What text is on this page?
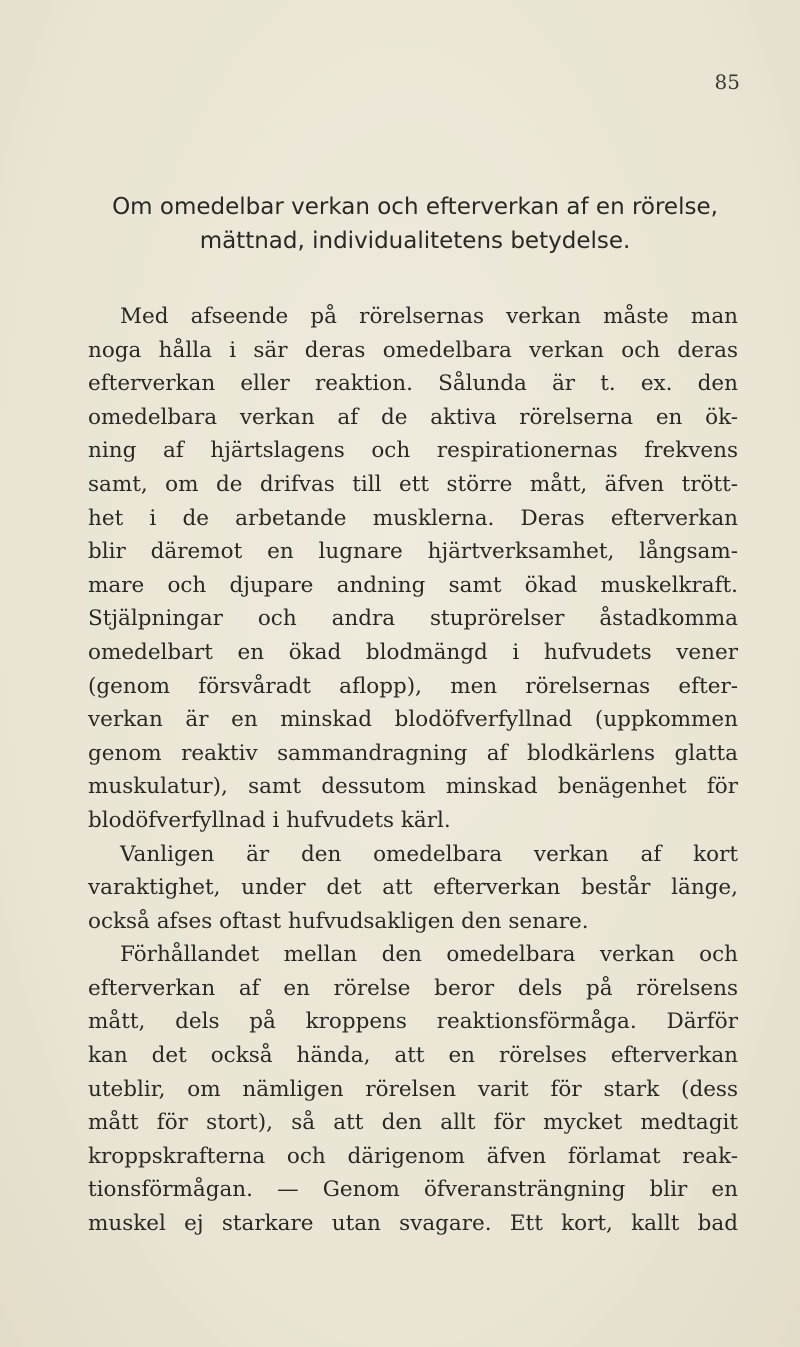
85
Om omedelbar verkan och efterverkan af en rörelse,
mättnad, individualitetens betydelse.
Med afseende på rörelsernas verkan måste man
noga hålla i sär deras omedelbara verkan och deras
efterverkan eller reaktion. Sålunda är t. ex. den
omedelbara verkan af de aktiva rörelserna en ök-
ning af hjärtslagens och respirationernas frekvens
samt, om de drifvas till ett större mått, äfven trött-
het i de arbetande musklerna. Deras efterverkan
blir däremot en lugnare hjärtverksamhet, långsam-
mare och djupare andning samt ökad muskelkraft.
Stjälpningar och andra stuprörelser åstadkomma
omedelbart en ökad blodmängd i hufvudets vener
(genom försvåradt aflopp), men rörelsernas efter-
verkan är en minskad blodöfverfyllnad (uppkommen
genom reaktiv sammandragning af blodkärlens glatta
muskulatur), samt dessutom minskad benägenhet för
blodöfverfyllnad i hufvudets kärl.
Vanligen är den omedelbara verkan af kort
varaktighet, under det att efterverkan består länge,
också afses oftast hufvudsakligen den senare.
Förhållandet mellan den omedelbara verkan och
efterverkan af en rörelse beror dels på rörelsens
mått, dels på kroppens reaktionsförmåga. Därför
kan det också hända, att en rörelses efterverkan
uteblir, om nämligen rörelsen varit för stark (dess
mått för stort), så att den allt för mycket medtagit
kroppskrafterna och därigenom äfven förlamat reak-
tionsförmågan. — Genom öfveransträngning blir en
muskel ej starkare utan svagare. Ett kort, kallt bad
